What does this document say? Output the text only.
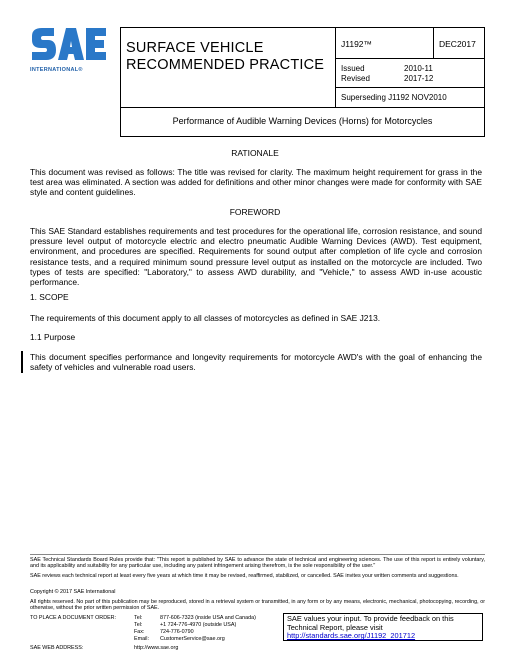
INTERNATIONAL®
SURFACE VEHICLE
RECOMMENDED PRACTICE
J1192™	DEC2017
Issued	2010-11
Revised	2017-12
Superseding J1192 NOV2010
Performance of Audible Warning Devices (Horns) for Motorcycles
RATIONALE
This document was revised as follows: The title was revised for clarity. The maximum height requirement for grass in the test area was eliminated. A section was added for definitions and other minor changes were made for conformity with SAE style and content guidelines.
FOREWORD
This SAE Standard establishes requirements and test procedures for the operational life, corrosion resistance, and sound pressure level output of motorcycle electric and electro pneumatic Audible Warning Devices (AWD). Test equipment, environment, and procedures are specified. Requirements for sound output after completion of life cycle and corrosion resistance tests, and a required minimum sound pressure level output as installed on the motorcycle are included. Two types of tests are specified: "Laboratory," to assess AWD durability, and "Vehicle," to assess AWD in-use acoustic performance.
1. SCOPE
The requirements of this document apply to all classes of motorcycles as defined in SAE J213.
1.1 Purpose
This document specifies performance and longevity requirements for motorcycle AWD's with the goal of enhancing the safety of vehicles and vulnerable road users.
SAE Technical Standards Board Rules provide that: "This report is published by SAE to advance the state of technical and engineering sciences. The use of this report is entirely voluntary, and its applicability and suitability for any particular use, including any patent infringement arising therefrom, is the sole responsibility of the user."
SAE reviews each technical report at least every five years at which time it may be revised, reaffirmed, stabilized, or cancelled. SAE invites your written comments and suggestions.
Copyright © 2017 SAE International
All rights reserved. No part of this publication may be reproduced, stored in a retrieval system or transmitted, in any form or by any means, electronic, mechanical, photocopying, recording, or otherwise, without the prior written permission of SAE.
TO PLACE A DOCUMENT ORDER:	Tel:	877-606-7323 (inside USA and Canada)
Tel:	+1 724-776-4970 (outside USA)
Fax:	724-776-0790
Email: CustomerService@sae.org
SAE WEB ADDRESS:	http://www.sae.org
SAE values your input. To provide feedback on this Technical Report, please visit
http://standards.sae.org/J1192_201712
